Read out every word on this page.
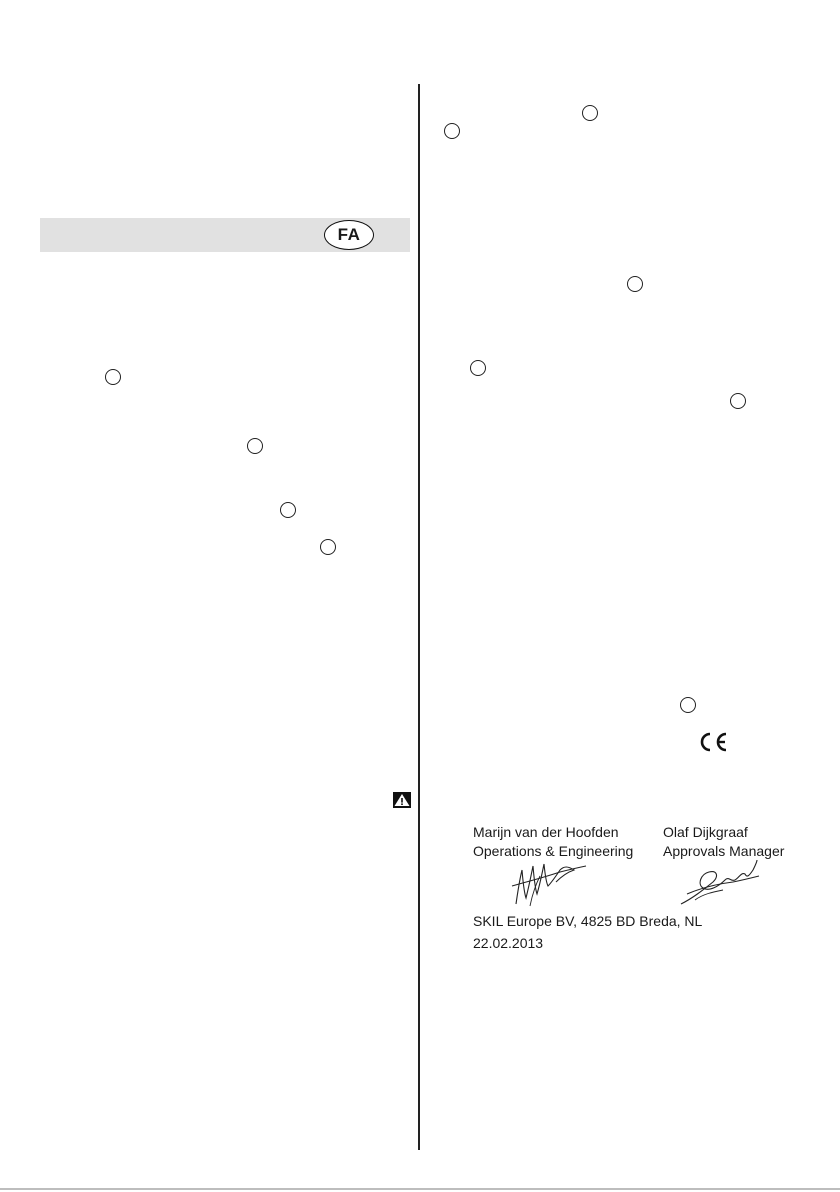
FA
Marijn van der Hoofden
Operations & Engineering
Olaf Dijkgraaf
Approvals Manager
SKIL Europe BV, 4825 BD Breda, NL
22.02.2013
